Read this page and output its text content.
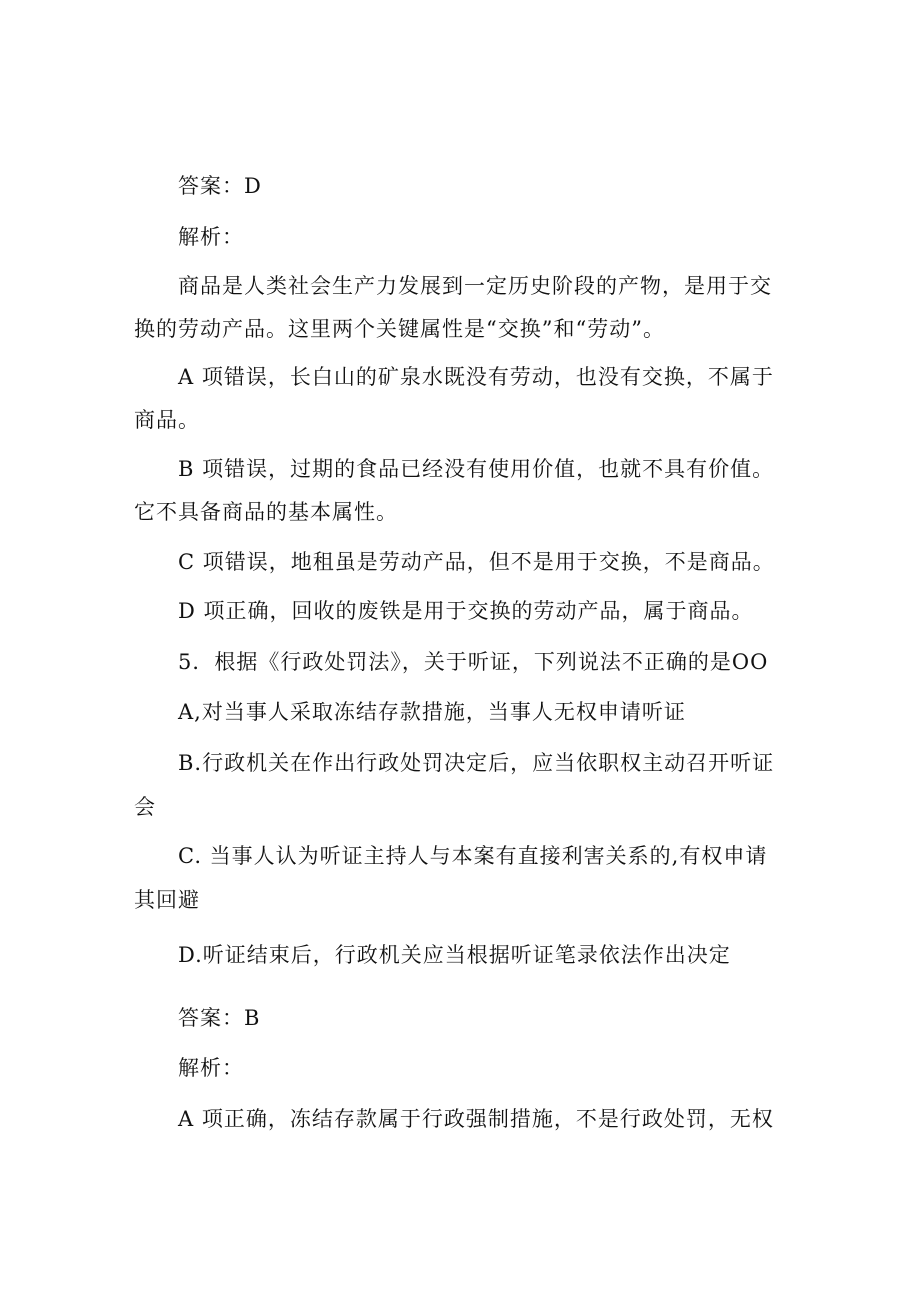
答案：D

解析：

商品是人类社会生产力发展到一定历史阶段的产物，是用于交

换的劳动产品。这里两个关键属性是“交换”和“劳动”。

A 项错误，长白山的矿泉水既没有劳动，也没有交换，不属于

商品。

B 项错误，过期的食品已经没有使用价值，也就不具有价值。

它不具备商品的基本属性。

C 项错误，地租虽是劳动产品，但不是用于交换，不是商品。

D 项正确，回收的废铁是用于交换的劳动产品，属于商品。

5．根据《行政处罚法》，关于听证，下列说法不正确的是OO

A,对当事人采取冻结存款措施，当事人无权申请听证

B.行政机关在作出行政处罚决定后，应当依职权主动召开听证

会

C. 当事人认为听证主持人与本案有直接利害关系的,有权申请

其回避

D.听证结束后，行政机关应当根据听证笔录依法作出决定

答案：B

解析：

A 项正确，冻结存款属于行政强制措施，不是行政处罚，无权
